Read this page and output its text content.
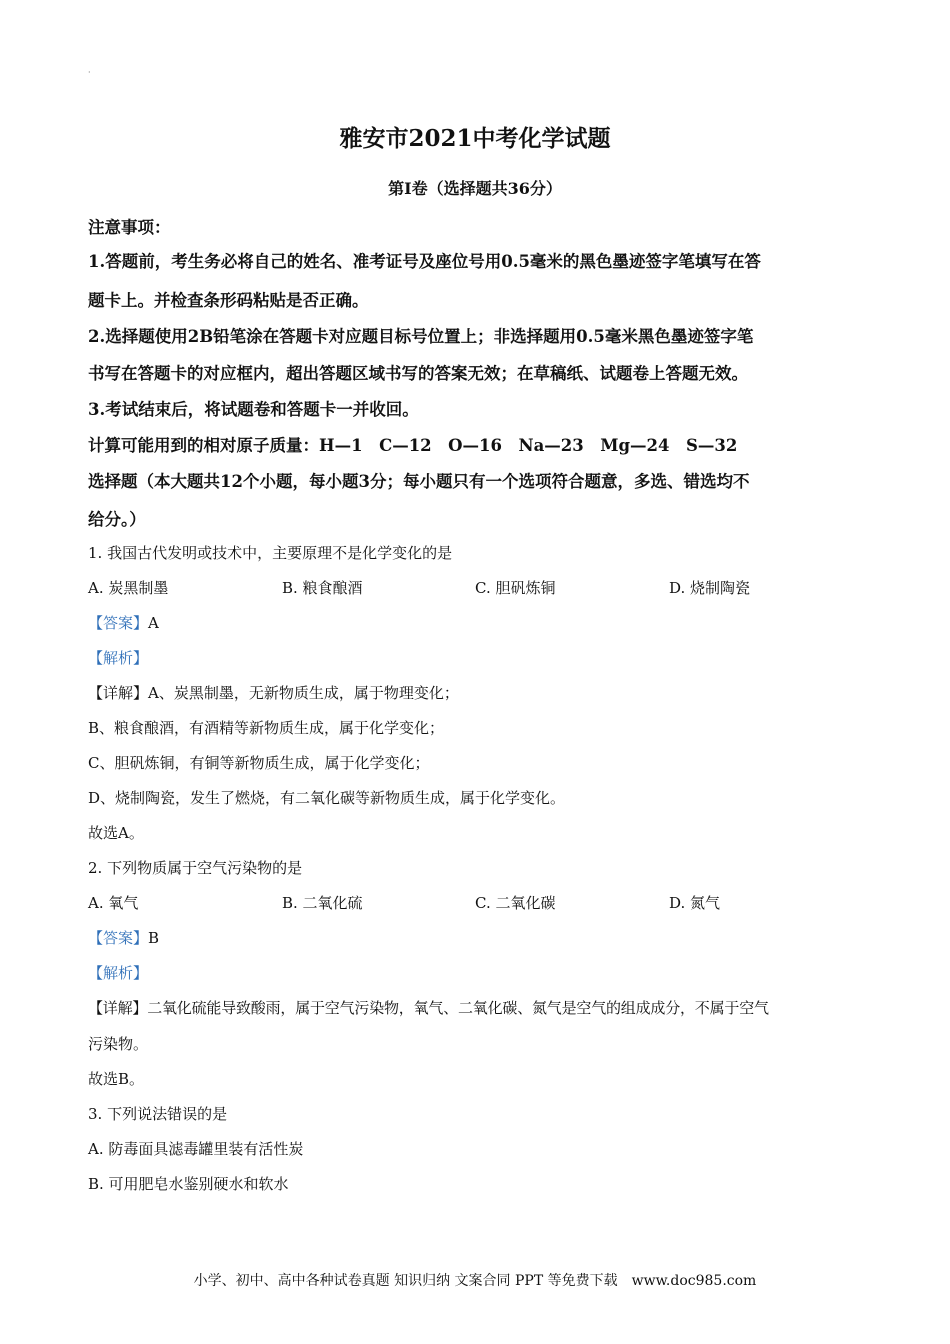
·
雅安市2021中考化学试题
第Ⅰ卷（选择题共36分）
注意事项：
1.答题前，考生务必将自己的姓名、准考证号及座位号用0.5毫米的黑色墨迹签字笔填写在答
题卡上。并检查条形码粘贴是否正确。
2.选择题使用2B铅笔涂在答题卡对应题目标号位置上；非选择题用0.5毫米黑色墨迹签字笔
书写在答题卡的对应框内，超出答题区域书写的答案无效；在草稿纸、试题卷上答题无效。
3.考试结束后，将试题卷和答题卡一并收回。
计算可能用到的相对原子质量：H—1　C—12　O—16　Na—23　Mg—24　S—32
选择题（本大题共12个小题，每小题3分；每小题只有一个选项符合题意，多选、错选均不
给分。）
1. 我国古代发明或技术中，主要原理不是化学变化的是
A. 炭黑制墨	B. 粮食酿酒	C. 胆矾炼铜	D. 烧制陶瓷
【答案】A
【解析】
【详解】A、炭黑制墨，无新物质生成，属于物理变化；
B、粮食酿酒，有酒精等新物质生成，属于化学变化；
C、胆矾炼铜，有铜等新物质生成，属于化学变化；
D、烧制陶瓷，发生了燃烧，有二氧化碳等新物质生成，属于化学变化。
故选A。
2. 下列物质属于空气污染物的是
A. 氧气	B. 二氧化硫	C. 二氧化碳	D. 氮气
【答案】B
【解析】
【详解】二氧化硫能导致酸雨，属于空气污染物，氧气、二氧化碳、氮气是空气的组成成分，不属于空气
污染物。
故选B。
3. 下列说法错误的是
A. 防毒面具滤毒罐里装有活性炭
B. 可用肥皂水鉴别硬水和软水
小学、初中、高中各种试卷真题 知识归纳 文案合同 PPT 等免费下载　www.doc985.com
